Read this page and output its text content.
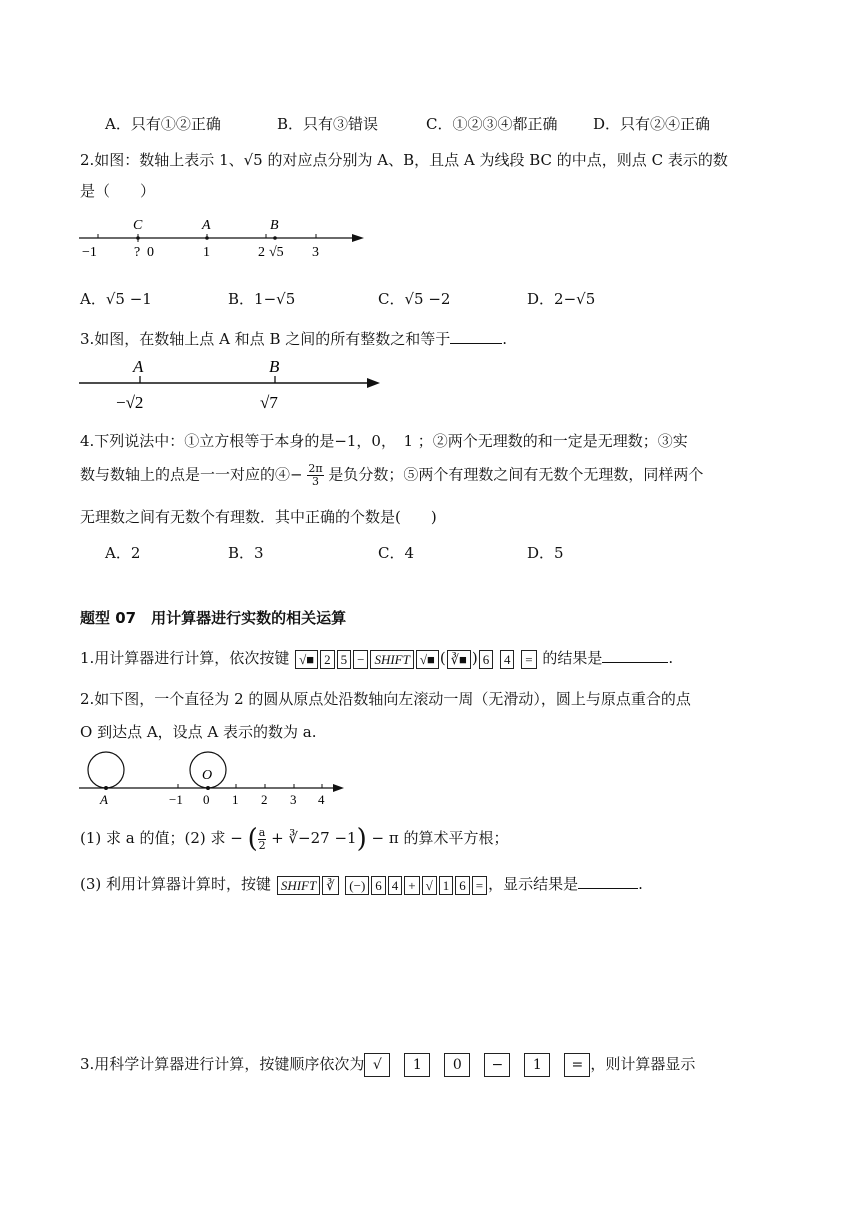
A．只有①②正确	B．只有③错误	C．①②③④都正确 D．只有②④正确
2.如图：数轴上表示 1、√5 的对应点分别为 A、B，且点 A 为线段 BC 的中点，则点 C 表示的数
是（　　）
C	A	B
−1	? 0	1	2 √5 3
A．√5 −1	B．1−√5	C．√5 −2	D．2−√5
3.如图，在数轴上点 A 和点 B 之间的所有整数之和等于	.
A	B
−√2	√7
4.下列说法中：①立方根等于本身的是−1，0，　1 ；②两个无理数的和一定是无理数；③实
数与数轴上的点是一一对应的④− $\frac{2\pi}{3}$ 是负分数；⑤两个有理数之间有无数个无理数，同样两个
无理数之间有无数个有理数．其中正确的个数是(　　)
A．2	B．3	C．4	D．5
题型 07　用计算器进行实数的相关运算
1.用计算器进行计算，依次按键 √■ 2 5 − SHIFT √■ ( ∛■ ) 6 4 = 的结果是	.
2.如下图，一个直径为 2 的圆从原点处沿数轴向左滚动一周（无滑动），圆上与原点重合的点
O 到达点 A，设点 A 表示的数为 a.
O
A	−1 0 1 2 3 4
(1) 求 a 的值；(2) 求 − ( $\frac{a}{2}$ + ∛−27 −1) − π 的算术平方根；
(3) 利用计算器计算时，按键 SHIFT ∛ (−) 6 4 + √ 1 6 = ，显示结果是	.
3.用科学计算器进行计算，按键顺序依次为 √ 1 0 − 1 = ，则计算器显示
